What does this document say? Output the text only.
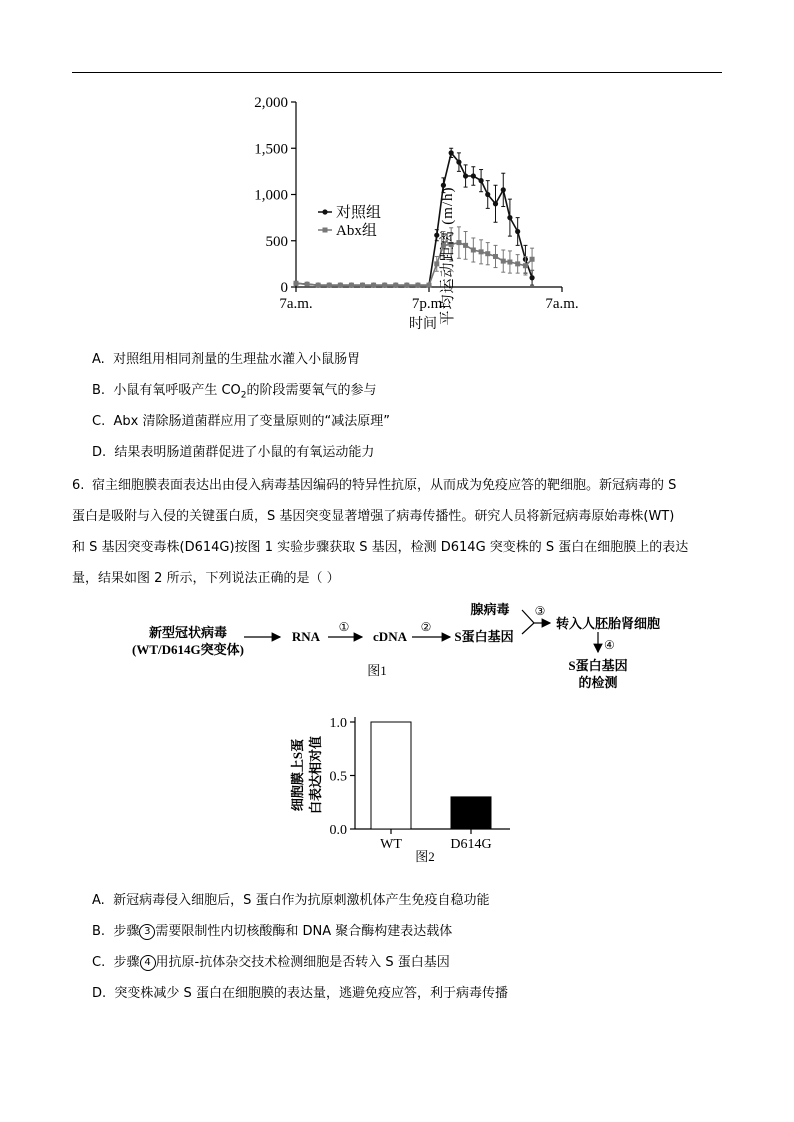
2,000
1,500
1,000
500
0
7a.m.	7p.m.	7a.m.
平均运动距离 (m/h)
时间
对照组
Abx组
A. 对照组用相同剂量的生理盐水灌入小鼠肠胃
B. 小鼠有氧呼吸产生 $CO_2$的阶段需要氧气的参与
C. Abx 清除肠道菌群应用了变量原则的“减法原理”
D. 结果表明肠道菌群促进了小鼠的有氧运动能力
6. 宿主细胞膜表面表达出由侵入病毒基因编码的特异性抗原，从而成为免疫应答的靶细胞。新冠病毒的 S
蛋白是吸附与入侵的关键蛋白质，S 基因突变显著增强了病毒传播性。研究人员将新冠病毒原始毒株(WT)
和 S 基因突变毒株(D614G)按图 1 实验步骤获取 S 基因，检测 D614G 突变株的 S 蛋白在细胞膜上的表达
量，结果如图 2 所示，下列说法正确的是（ ）
新型冠状病毒
(WT/D614G突变体)
RNA
①
cDNA
②
S蛋白基因
腺病毒 ③
转入人胚胎肾细胞
④
S蛋白基因
的检测
图1
1.0
0.5
0.0
WT	D614G
细胞膜上S蛋 白表达相对值
图2
A. 新冠病毒侵入细胞后，S 蛋白作为抗原刺激机体产生免疫自稳功能
B. 步骤 3 需要限制性内切核酸酶和 DNA 聚合酶构建表达载体
C. 步骤 4 用抗原-抗体杂交技术检测细胞是否转入 S 蛋白基因
D. 突变株减少 S 蛋白在细胞膜的表达量，逃避免疫应答，利于病毒传播
